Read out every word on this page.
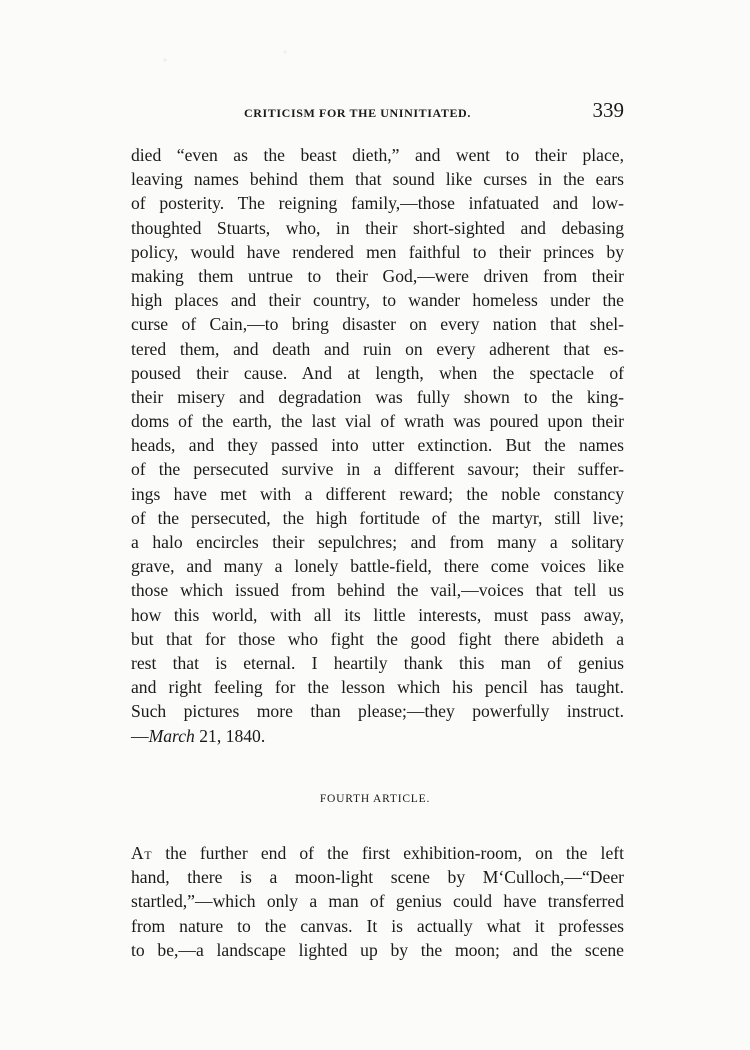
CRITICISM FOR THE UNINITIATED.	339
died “even as the beast dieth,” and went to their place,
leaving names behind them that sound like curses in the ears
of posterity. The reigning family,—those infatuated and low-
thoughted Stuarts, who, in their short-sighted and debasing
policy, would have rendered men faithful to their princes by
making them untrue to their God,—were driven from their
high places and their country, to wander homeless under the
curse of Cain,—to bring disaster on every nation that shel-
tered them, and death and ruin on every adherent that es-
poused their cause. And at length, when the spectacle of
their misery and degradation was fully shown to the king-
doms of the earth, the last vial of wrath was poured upon their
heads, and they passed into utter extinction. But the names
of the persecuted survive in a different savour; their suffer-
ings have met with a different reward; the noble constancy
of the persecuted, the high fortitude of the martyr, still live;
a halo encircles their sepulchres; and from many a solitary
grave, and many a lonely battle-field, there come voices like
those which issued from behind the vail,—voices that tell us
how this world, with all its little interests, must pass away,
but that for those who fight the good fight there abideth a
rest that is eternal. I heartily thank this man of genius
and right feeling for the lesson which his pencil has taught.
Such pictures more than please;—they powerfully instruct.
—March 21, 1840.
FOURTH ARTICLE.
At the further end of the first exhibition-room, on the left
hand, there is a moon-light scene by M‘Culloch,—“Deer
startled,”—which only a man of genius could have transferred
from nature to the canvas. It is actually what it professes
to be,—a landscape lighted up by the moon; and the scene
